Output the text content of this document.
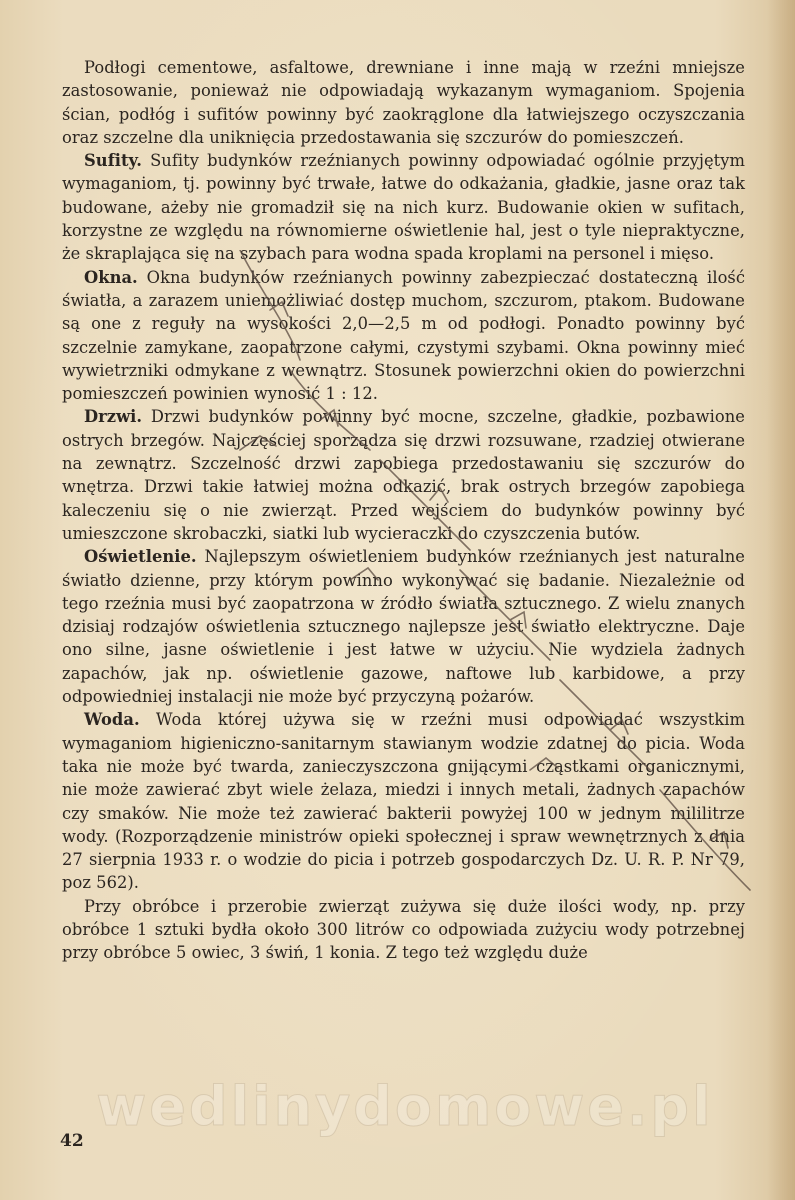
Podłogi cementowe, asfaltowe, drewniane i inne mają w rzeźni mniejsze zastosowanie, ponieważ nie odpowiadają wykazanym wymaganiom. Spojenia ścian, podłóg i sufitów powinny być zaokrąglone dla łatwiejszego oczyszczania oraz szczelne dla uniknięcia przedostawania się szczurów do pomieszczeń.

Sufity. Sufity budynków rzeźnianych powinny odpowiadać ogólnie przyjętym wymaganiom, tj. powinny być trwałe, łatwe do odkażania, gładkie, jasne oraz tak budowane, ażeby nie gromadził się na nich kurz. Budowanie okien w sufitach, korzystne ze względu na równomierne oświetlenie hal, jest o tyle niepraktyczne, że skraplająca się na szybach para wodna spada kroplami na personel i mięso.

Okna. Okna budynków rzeźnianych powinny zabezpieczać dostateczną ilość światła, a zarazem uniemożliwiać dostęp muchom, szczurom, ptakom. Budowane są one z reguły na wysokości 2,0—2,5 m od podłogi. Ponadto powinny być szczelnie zamykane, zaopatrzone całymi, czystymi szybami. Okna powinny mieć wywietrzniki odmykane z wewnątrz. Stosunek powierzchni okien do powierzchni pomieszczeń powinien wynosić 1 : 12.

Drzwi. Drzwi budynków powinny być mocne, szczelne, gładkie, pozbawione ostrych brzegów. Najczęściej sporządza się drzwi rozsuwane, rzadziej otwierane na zewnątrz. Szczelność drzwi zapobiega przedostawaniu się szczurów do wnętrza. Drzwi takie łatwiej można odkazić, brak ostrych brzegów zapobiega kaleczeniu się o nie zwierząt. Przed wejściem do budynków powinny być umieszczone skrobaczki, siatki lub wycieraczki do czyszczenia butów.

Oświetlenie. Najlepszym oświetleniem budynków rzeźnianych jest naturalne światło dzienne, przy którym powinno wykonywać się badanie. Niezależnie od tego rzeźnia musi być zaopatrzona w źródło światła sztucznego. Z wielu znanych dzisiaj rodzajów oświetlenia sztucznego najlepsze jest światło elektryczne. Daje ono silne, jasne oświetlenie i jest łatwe w użyciu. Nie wydziela żadnych zapachów, jak np. oświetlenie gazowe, naftowe lub karbidowe, a przy odpowiedniej instalacji nie może być przyczyną pożarów.

Woda. Woda której używa się w rzeźni musi odpowiadać wszystkim wymaganiom higieniczno-sanitarnym stawianym wodzie zdatnej do picia. Woda taka nie może być twarda, zanieczyszczona gnijącymi cząstkami organicznymi, nie może zawierać zbyt wiele żelaza, miedzi i innych metali, żadnych zapachów czy smaków. Nie może też zawierać bakterii powyżej 100 w jednym mililitrze wody. (Rozporządzenie ministrów opieki społecznej i spraw wewnętrznych z dnia 27 sierpnia 1933 r. o wodzie do picia i potrzeb gospodarczych Dz. U. R. P. Nr 79, poz 562).

Przy obróbce i przerobie zwierząt zużywa się duże ilości wody, np. przy obróbce 1 sztuki bydła około 300 litrów co odpowiada zużyciu wody potrzebnej przy obróbce 5 owiec, 3 świń, 1 konia. Z tego też względu duże

wedlinydomowe.pl
42
